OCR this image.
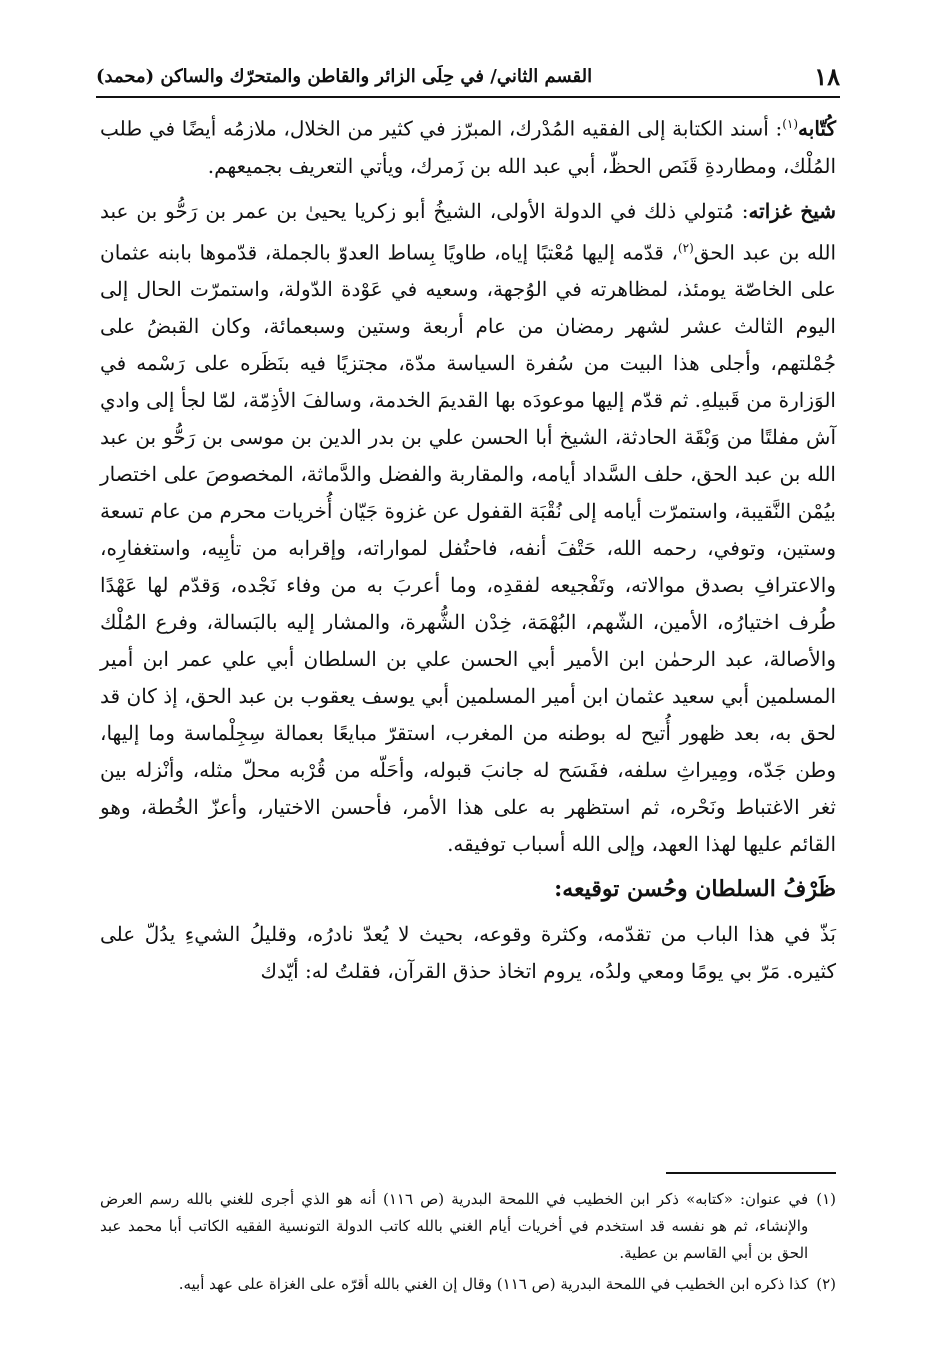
١٨
القسم الثاني/ في حِلَى الزائر والقاطن والمتحرّك والساكن (محمد)

كُتّابه$^{(١)}$: أسند الكتابة إلى الفقيه المُدْرك، المبرّز في كثير من الخلال، ملازمُه أيضًا في طلب المُلْك، ومطاردةِ قَنَص الحظّ، أبي عبد الله بن زَمرك، ويأتي التعريف بجميعهم.

شيخ غزاته: مُتولي ذلك في الدولة الأولى، الشيخُ أبو زكريا يحيىٰ بن عمر بن رَحُّو بن عبد الله بن عبد الحق$^{(٢)}$، قدّمه إليها مُعْتبًا إياه، طاويًا بِساط العدوّ بالجملة، قدّموها بابنه عثمان على الخاصّة يومئذ، لمظاهرته في الوُجهة، وسعيه في عَوْدة الدّولة، واستمرّت الحال إلى اليوم الثالث عشر لشهر رمضان من عام أربعة وستين وسبعمائة، وكان القبضُ على جُمْلتهم، وأجلى هذا البيت من سُفرة السياسة مدّة، مجتزيًا فيه بنَظَره على رَسْمه في الوَزارة من قَبيلهِ. ثم قدّم إليها موعودَه بها القديمَ الخدمة، وسالفَ الأذِمّة، لمّا لجأ إلى وادي آش مفلتًا من وَبْقَة الحادثة، الشيخ أبا الحسن علي بن بدر الدين بن موسى بن رَحُّو بن عبد الله بن عبد الحق، حلف السَّداد أيامه، والمقاربة والفضل والدَّماثة، المخصوصَ على اختصار بيُمْن النَّقيبة، واستمرّت أيامه إلى نُقْبَة القفول عن غزوة جَيّان أُخريات محرم من عام تسعة وستين، وتوفي، رحمه الله، حَتْفَ أنفه، فاحتُفل لمواراته، وإقرابه من تأبِيه، واستغفارِه، والاعترافِ بصدق موالاته، وتَفْجيعه لفقدِه، وما أعربَ به من وفاء نَجْده، وَقدّم لها عَهْدًا طُرف اختيارُه، الأمين، الشّهم، البُهْمَة، خِدْن الشُّهرة، والمشار إليه بالبَسالة، وفرع المُلْك والأصالة، عبد الرحمٰن ابن الأمير أبي الحسن علي بن السلطان أبي علي عمر ابن أمير المسلمين أبي سعيد عثمان ابن أمير المسلمين أبي يوسف يعقوب بن عبد الحق، إذ كان قد لحق به، بعد ظهور أُتيح له بوطنه من المغرب، استقرّ مبايعًا بعمالة سِجِلْماسة وما إليها، وطن جَدّه، ومِيراثِ سلفه، ففَسَح له جانبَ قبوله، وأحَلّه من قُرْبه محلّ مثله، وأنْزله بين ثغر الاغتباط ونَحْره، ثم استظهر به على هذا الأمر، فأحسن الاختيار، وأعزّ الخُطة، وهو القائم عليها لهذا العهد، وإلى الله أسباب توفيقه.

ظَرْفُ السلطان وحُسن توقيعه:

بَذّ في هذا الباب من تقدّمه، وكثرة وقوعه، بحيث لا يُعدّ نادرُه، وقليلُ الشيءِ يدُلّ على كثيره. مَرّ بي يومًا ومعي ولدُه، يروم اتخاذ حذق القرآن، فقلتُ له: أيّدك

(١)
في عنوان: «كتابه» ذكر ابن الخطيب في اللمحة البدرية (ص ١١٦) أنه هو الذي أجرى للغني بالله رسم العرض والإنشاء، ثم هو نفسه قد استخدم في أخريات أيام الغني بالله كاتب الدولة التونسية الفقيه الكاتب أبا محمد عبد الحق بن أبي القاسم بن عطية.
(٢)
كذا ذكره ابن الخطيب في اللمحة البدرية (ص ١١٦) وقال إن الغني بالله أقرّه على الغزاة على عهد أبيه.
